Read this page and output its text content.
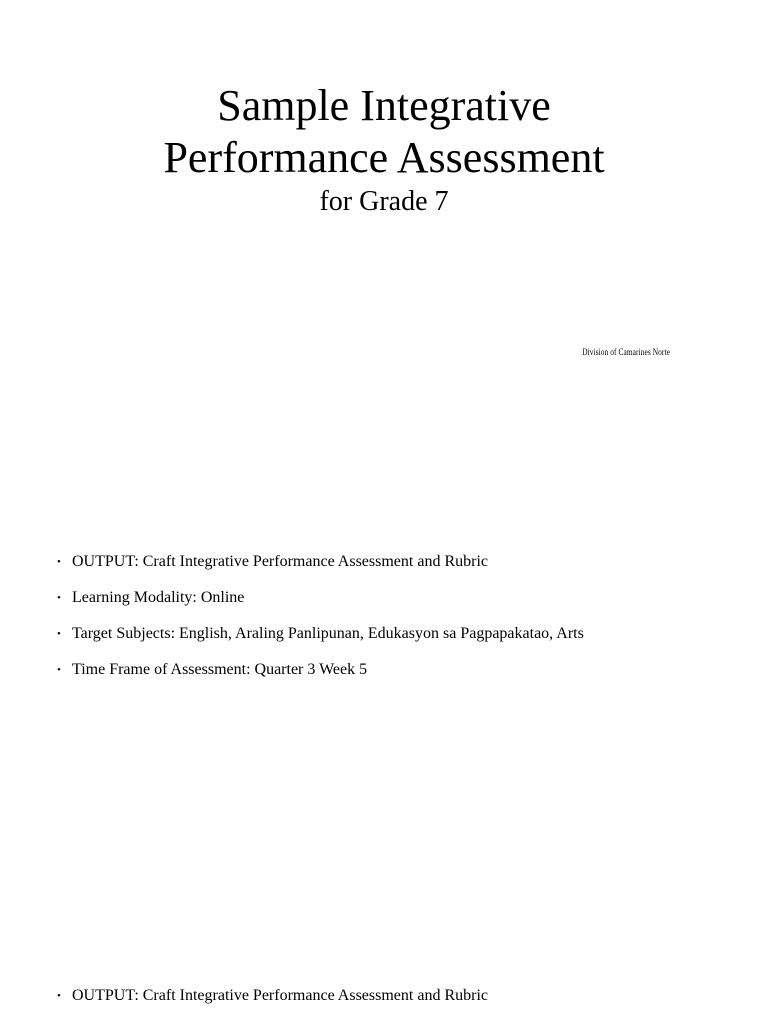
Sample Integrative
Performance Assessment
for Grade 7
Division of Camarines Norte
• OUTPUT: Craft Integrative Performance Assessment and Rubric
• Learning Modality: Online
• Target Subjects: English, Araling Panlipunan, Edukasyon sa Pagpapakatao, Arts
• Time Frame of Assessment: Quarter 3 Week 5
• OUTPUT: Craft Integrative Performance Assessment and Rubric
